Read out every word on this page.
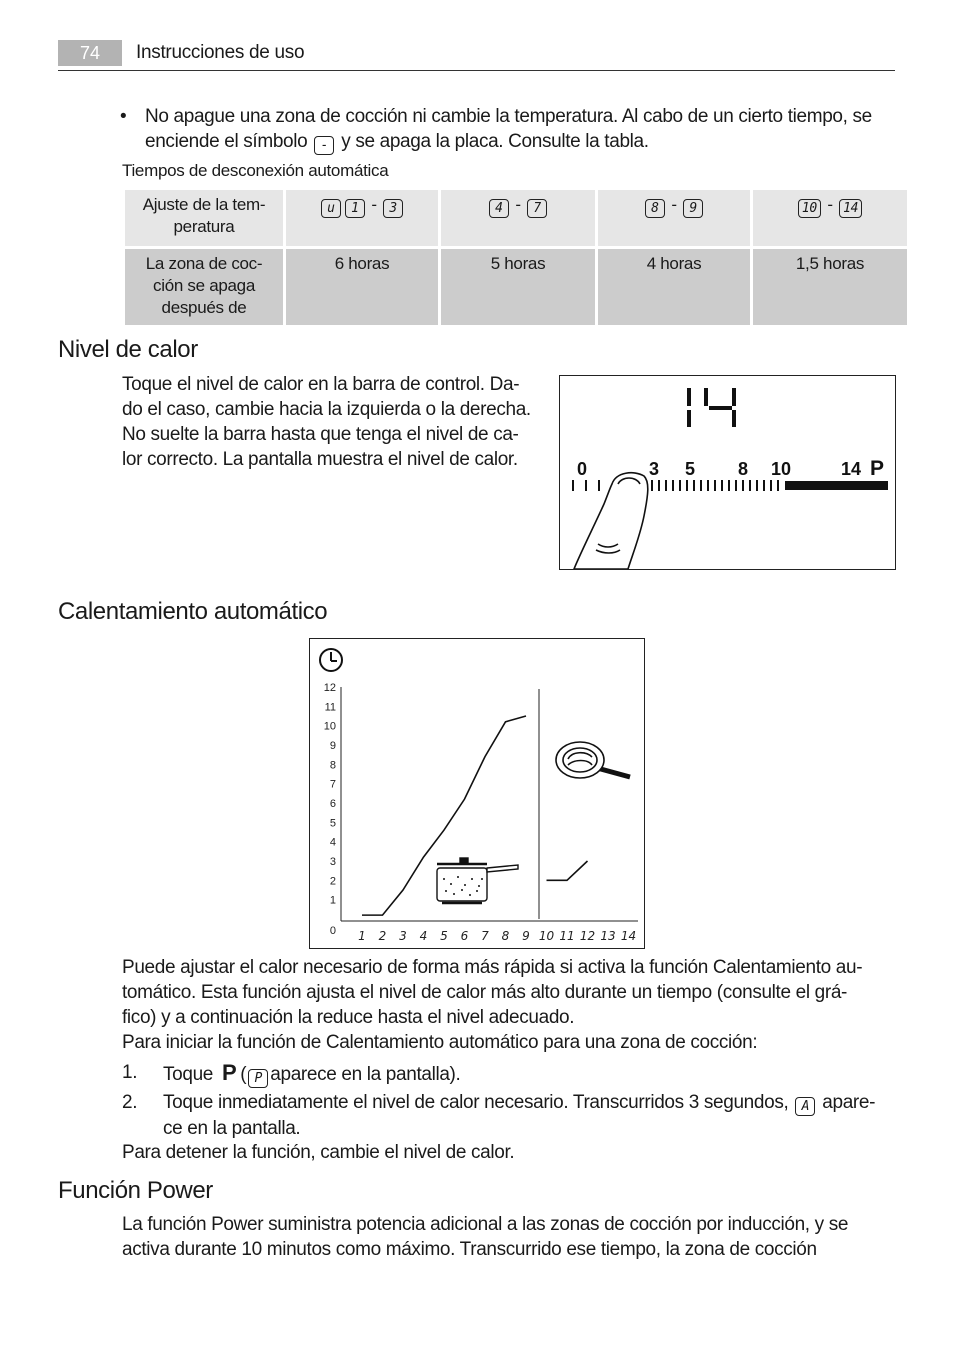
74	Instrucciones de uso
• No apague una zona de cocción ni cambie la temperatura. Al cabo de un cierto tiempo, se enciende el símbolo - y se apaga la placa. Consulte la tabla.
Tiempos de desconexión automática
Ajuste de la tem-
peratura	u 1 - 3	4 - 7	8 - 9	10 - 14
La zona de coc-
ción se apaga
después de	6 horas	5 horas	4 horas	1,5 horas
Nivel de calor
Toque el nivel de calor en la barra de control. Da-
do el caso, cambie hacia la izquierda o la derecha.
No suelte la barra hasta que tenga el nivel de ca-
lor correcto. La pantalla muestra el nivel de calor.
14
0	3 5 8 10	14 P
Calentamiento automático
12
11
10
9
8
7
6
5
4
3
2
1
0 1 2 3 4 5 6 7 8 9 10 11 12 13 14
Puede ajustar el calor necesario de forma más rápida si activa la función Calentamiento au-
tomático. Esta función ajusta el nivel de calor más alto durante un tiempo (consulte el grá-
fico) y a continuación la reduce hasta el nivel adecuado.
Para iniciar la función de Calentamiento automático para una zona de cocción:
1. Toque P ( P aparece en la pantalla).
2. Toque inmediatamente el nivel de calor necesario. Transcurridos 3 segundos, A apare-
ce en la pantalla.
Para detener la función, cambie el nivel de calor.
Función Power
La función Power suministra potencia adicional a las zonas de cocción por inducción, y se
activa durante 10 minutos como máximo. Transcurrido ese tiempo, la zona de cocción
